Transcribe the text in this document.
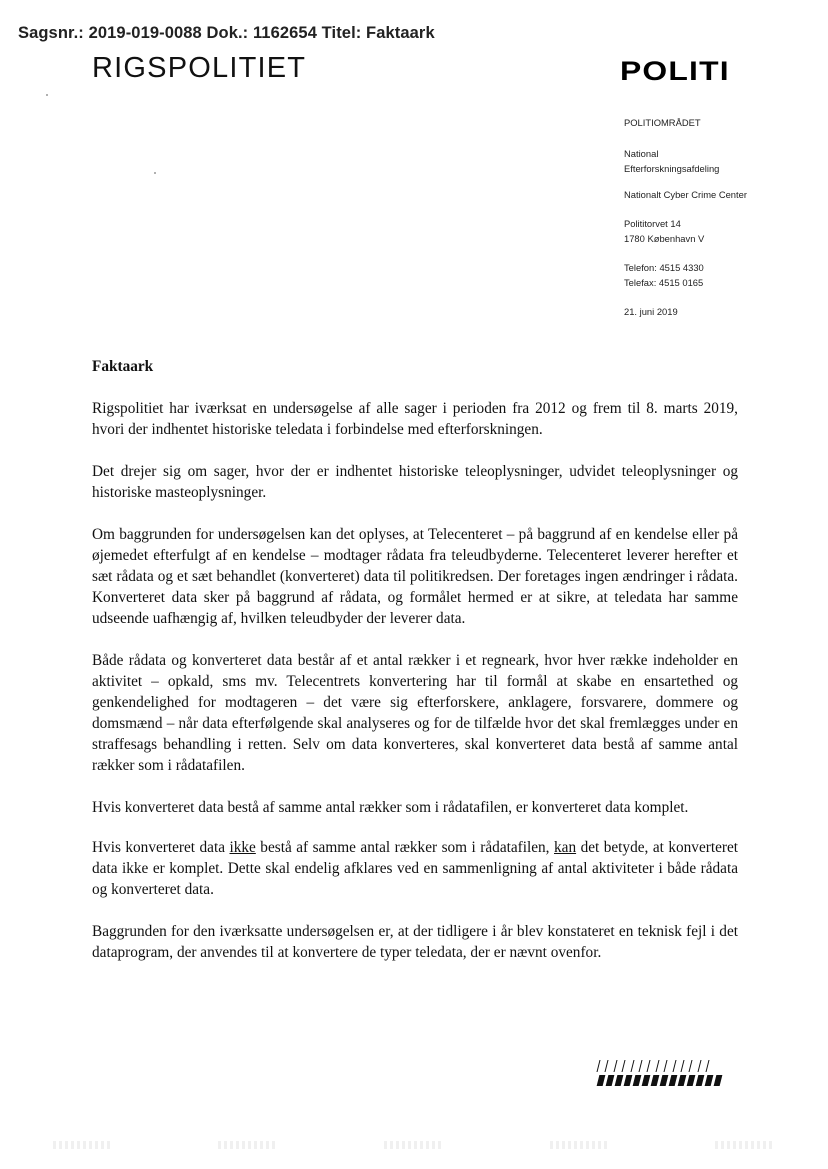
Sagsnr.: 2019-019-0088 Dok.: 1162654 Titel: Faktaark
RIGSPOLITIET	POLITI
POLITIOMRÅDET
National
Efterforskningsafdeling
Nationalt Cyber Crime Center
Polititorvet 14
1780 København V
Telefon: 4515 4330
Telefax: 4515 0165
21. juni 2019
Faktaark

Rigspolitiet har iværksat en undersøgelse af alle sager i perioden fra 2012 og frem til 8. marts 2019, hvori der indhentet historiske teledata i forbindelse med efterforskningen.

Det drejer sig om sager, hvor der er indhentet historiske teleoplysninger, udvidet teleoplysninger og historiske masteoplysninger.

Om baggrunden for undersøgelsen kan det oplyses, at Telecenteret – på baggrund af en kendelse eller på øjemedet efterfulgt af en kendelse – modtager rådata fra teleudbyderne. Telecenteret leverer herefter et sæt rådata og et sæt behandlet (konverteret) data til politikredsen. Der foretages ingen ændringer i rådata. Konverteret data sker på baggrund af rådata, og formålet hermed er at sikre, at teledata har samme udseende uafhængig af, hvilken teleudbyder der leverer data.

Både rådata og konverteret data består af et antal rækker i et regneark, hvor hver række indeholder en aktivitet – opkald, sms mv. Telecentrets konvertering har til formål at skabe en ensartethed og genkendelighed for modtageren – det være sig efterforskere, anklagere, forsvarere, dommere og domsmænd – når data efterfølgende skal analyseres og for de tilfælde hvor det skal fremlægges under en straffesags behandling i retten. Selv om data konverteres, skal konverteret data bestå af samme antal rækker som i rådatafilen.

Hvis konverteret data bestå af samme antal rækker som i rådatafilen, er konverteret data komplet.

Hvis konverteret data ikke bestå af samme antal rækker som i rådatafilen, kan det betyde, at konverteret data ikke er komplet. Dette skal endelig afklares ved en sammenligning af antal aktiviteter i både rådata og konverteret data.

Baggrunden for den iværksatte undersøgelsen er, at der tidligere i år blev konstateret en teknisk fejl i det dataprogram, der anvendes til at konvertere de typer teledata, der er nævnt ovenfor.
